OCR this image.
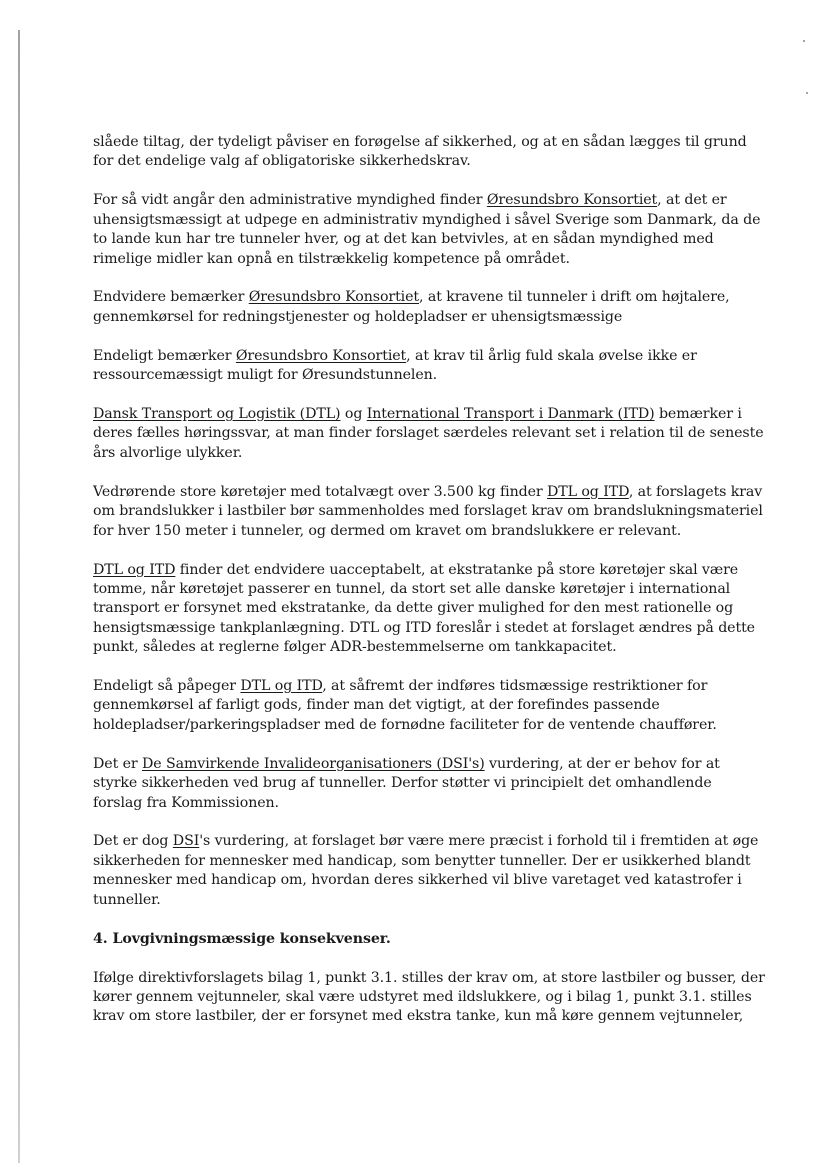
slåede tiltag, der tydeligt påviser en forøgelse af sikkerhed, og at en sådan lægges til grund for det endelige valg af obligatoriske sikkerhedskrav.

For så vidt angår den administrative myndighed finder Øresundsbro Konsortiet, at det er uhensigtsmæssigt at udpege en administrativ myndighed i såvel Sverige som Danmark, da de to lande kun har tre tunneler hver, og at det kan betvivles, at en sådan myndighed med rimelige midler kan opnå en tilstrækkelig kompetence på området.

Endvidere bemærker Øresundsbro Konsortiet, at kravene til tunneler i drift om højtalere, gennemkørsel for redningstjenester og holdepladser er uhensigtsmæssige

Endeligt bemærker Øresundsbro Konsortiet, at krav til årlig fuld skala øvelse ikke er ressourcemæssigt muligt for Øresundstunnelen.

Dansk Transport og Logistik (DTL) og International Transport i Danmark (ITD) bemærker i deres fælles høringssvar, at man finder forslaget særdeles relevant set i relation til de seneste års alvorlige ulykker.

Vedrørende store køretøjer med totalvægt over 3.500 kg finder DTL og ITD, at forslagets krav om brandslukker i lastbiler bør sammenholdes med forslaget krav om brandslukningsmateriel for hver 150 meter i tunneler, og dermed om kravet om brandslukkere er relevant.

DTL og ITD finder det endvidere uacceptabelt, at ekstratanke på store køretøjer skal være tomme, når køretøjet passerer en tunnel, da stort set alle danske køretøjer i international transport er forsynet med ekstratanke, da dette giver mulighed for den mest rationelle og hensigtsmæssige tankplanlægning. DTL og ITD foreslår i stedet at forslaget ændres på dette punkt, således at reglerne følger ADR-bestemmelserne om tankkapacitet.

Endeligt så påpeger DTL og ITD, at såfremt der indføres tidsmæssige restriktioner for gennemkørsel af farligt gods, finder man det vigtigt, at der forefindes passende holdepladser/parkeringspladser med de fornødne faciliteter for de ventende chauffører.

Det er De Samvirkende Invalideorganisationers (DSI's) vurdering, at der er behov for at styrke sikkerheden ved brug af tunneller. Derfor støtter vi principielt det omhandlende forslag fra Kommissionen.

Det er dog DSI's vurdering, at forslaget bør være mere præcist i forhold til i fremtiden at øge sikkerheden for mennesker med handicap, som benytter tunneller. Der er usikkerhed blandt mennesker med handicap om, hvordan deres sikkerhed vil blive varetaget ved katastrofer i tunneller.

4. Lovgivningsmæssige konsekvenser.

Ifølge direktivforslagets bilag 1, punkt 3.1. stilles der krav om, at store lastbiler og busser, der kører gennem vejtunneler, skal være udstyret med ildslukkere, og i bilag 1, punkt 3.1. stilles krav om store lastbiler, der er forsynet med ekstra tanke, kun må køre gennem vejtunneler,
